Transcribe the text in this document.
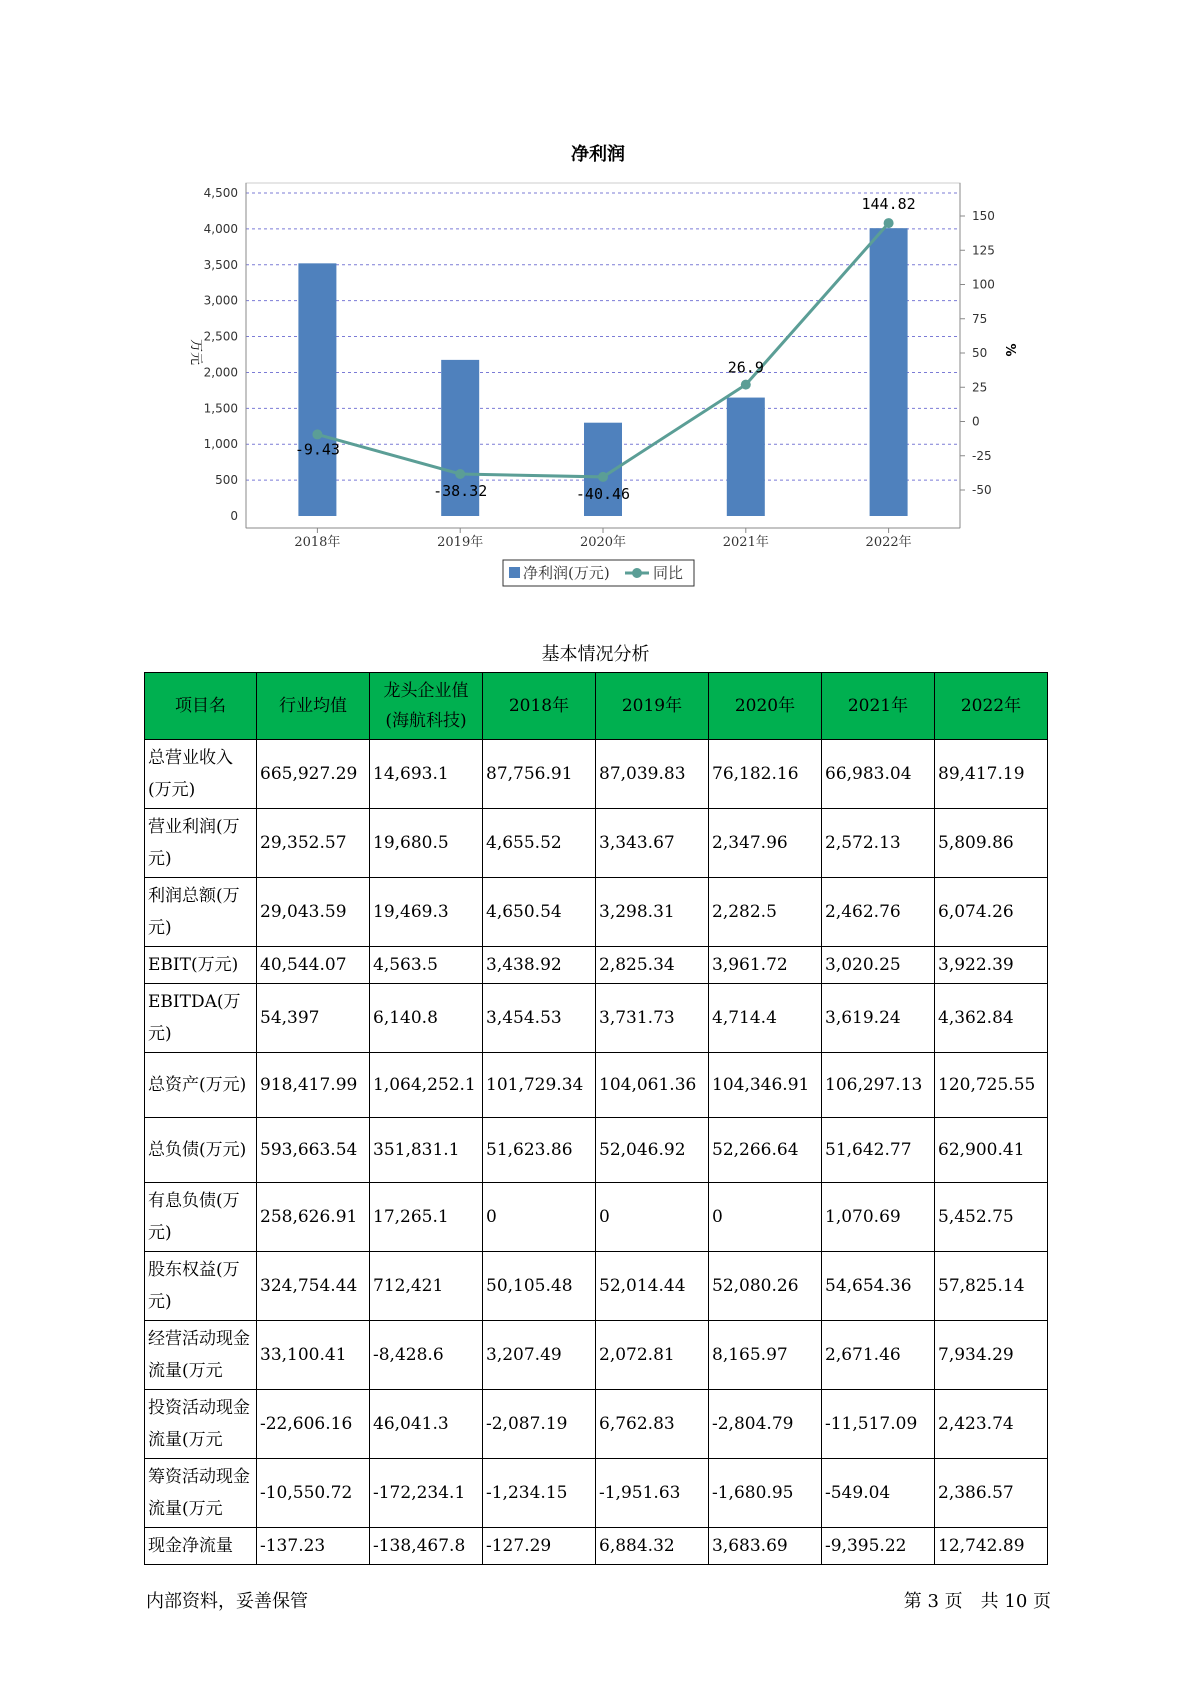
净利润
0
500
1,000
1,500
2,000
2,500
3,000
3,500
4,000
4,500
-50
-25
0
25
50
75
100
125
150
万元	%
2018年	2019年	2020年	2021年	2022年
-9.43
-38.32	-40.46
26.9
144.82
净利润(万元)	同比
基本情况分析
项目名	行业均值	龙头企业值(海航科技)	2018年	2019年	2020年	2021年	2022年
总营业收入(万元)	665,927.29	14,693.1	87,756.91	87,039.83	76,182.16	66,983.04	89,417.19
营业利润(万元)	29,352.57	19,680.5	4,655.52	3,343.67	2,347.96	2,572.13	5,809.86
利润总额(万元)	29,043.59	19,469.3	4,650.54	3,298.31	2,282.5	2,462.76	6,074.26
EBIT(万元)	40,544.07	4,563.5	3,438.92	2,825.34	3,961.72	3,020.25	3,922.39
EBITDA(万元)	54,397	6,140.8	3,454.53	3,731.73	4,714.4	3,619.24	4,362.84
总资产(万元)	918,417.99	1,064,252.1	101,729.34	104,061.36	104,346.91	106,297.13	120,725.55
总负债(万元)	593,663.54	351,831.1	51,623.86	52,046.92	52,266.64	51,642.77	62,900.41
有息负债(万元)	258,626.91	17,265.1	0	0	0	1,070.69	5,452.75
股东权益(万元)	324,754.44	712,421	50,105.48	52,014.44	52,080.26	54,654.36	57,825.14
经营活动现金流量(万元	33,100.41	-8,428.6	3,207.49	2,072.81	8,165.97	2,671.46	7,934.29
投资活动现金流量(万元	-22,606.16	46,041.3	-2,087.19	6,762.83	-2,804.79	-11,517.09	2,423.74
筹资活动现金流量(万元	-10,550.72	-172,234.1	-1,234.15	-1,951.63	-1,680.95	-549.04	2,386.57
现金净流量	-137.23	-138,467.8	-127.29	6,884.32	3,683.69	-9,395.22	12,742.89
内部资料，妥善保管	第 3 页　共 10 页
